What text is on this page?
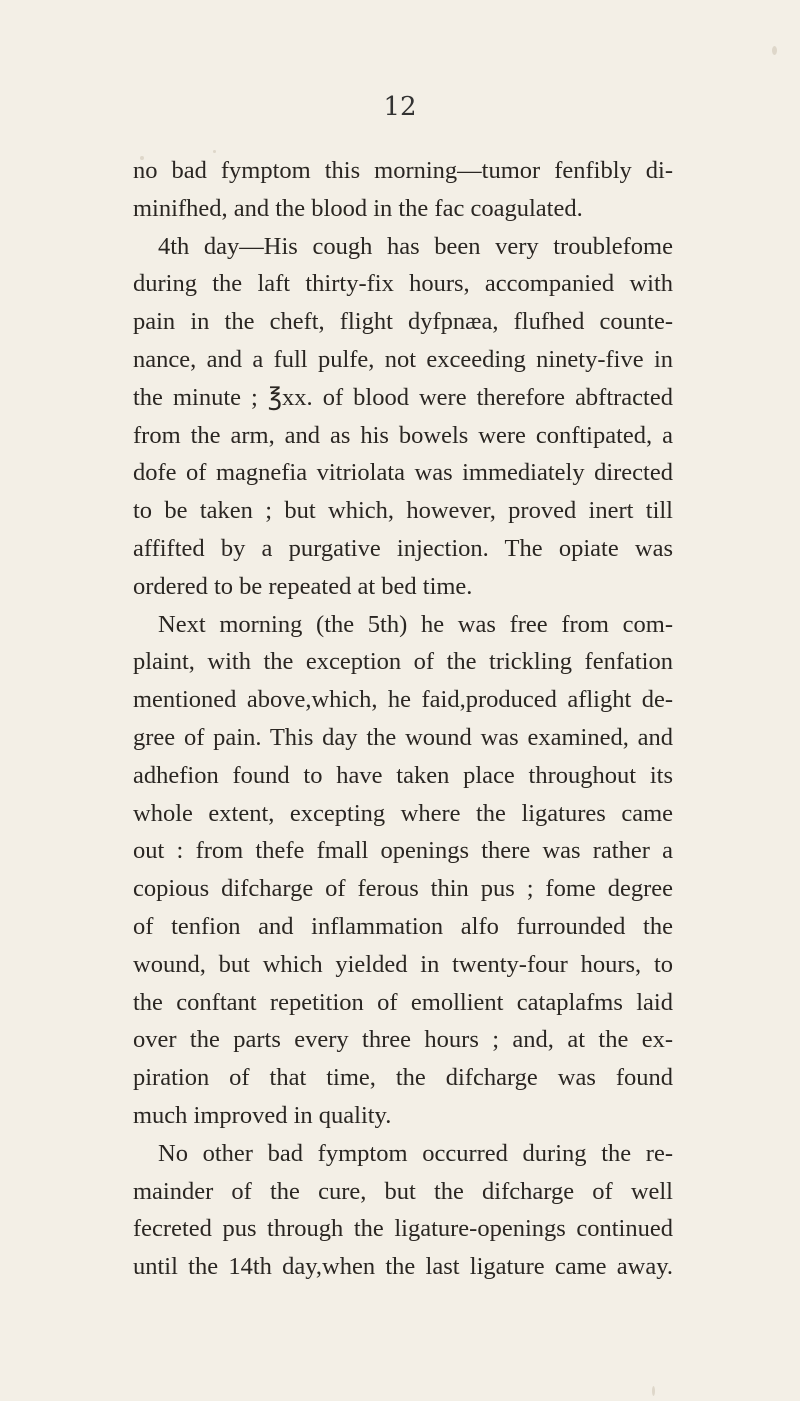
12
no bad fymptom this morning—tumor fenfibly di-
minifhed, and the blood in the fac coagulated.
4th day—His cough has been very troublefome
during the laft thirty-fix hours, accompanied with
pain in the cheft, flight dyfpnæa, flufhed counte-
nance, and a full pulfe, not exceeding ninety-five in
the minute ; ℥xx. of blood were therefore abftracted
from the arm, and as his bowels were conftipated, a
dofe of magnefia vitriolata was immediately directed
to be taken ; but which, however, proved inert till
affifted by a purgative injection. The opiate was
ordered to be repeated at bed time.
Next morning (the 5th) he was free from com-
plaint, with the exception of the trickling fenfation
mentioned above,which, he faid,produced aflight de-
gree of pain. This day the wound was examined, and
adhefion found to have taken place throughout its
whole extent, excepting where the ligatures came
out : from thefe fmall openings there was rather a
copious difcharge of ferous thin pus ; fome degree
of tenfion and inflammation alfo furrounded the
wound, but which yielded in twenty-four hours, to
the conftant repetition of emollient cataplafms laid
over the parts every three hours ; and, at the ex-
piration of that time, the difcharge was found
much improved in quality.
No other bad fymptom occurred during the re-
mainder of the cure, but the difcharge of well
fecreted pus through the ligature-openings continued
until the 14th day,when the last ligature came away.
